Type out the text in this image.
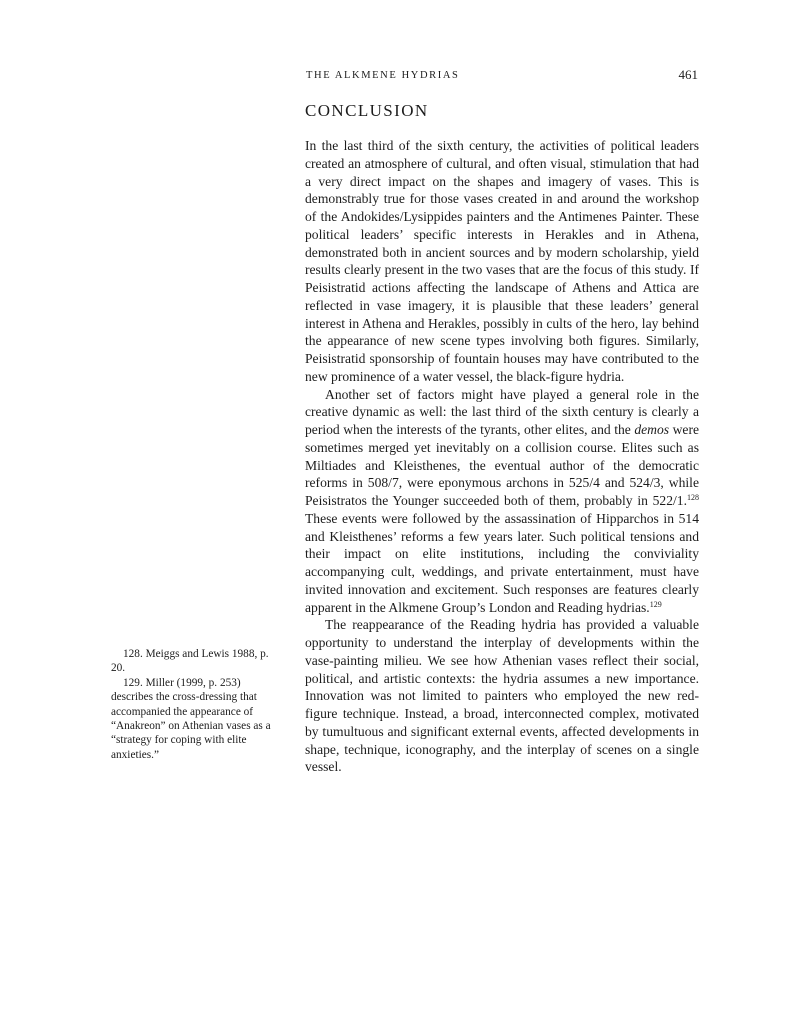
THE ALKMENE HYDRIAS	461
CONCLUSION

In the last third of the sixth century, the activities of political leaders created an atmosphere of cultural, and often visual, stimulation that had a very direct impact on the shapes and imagery of vases. This is demonstrably true for those vases created in and around the workshop of the Andokides/Lysippides painters and the Antimenes Painter. These political leaders’ specific interests in Herakles and in Athena, demonstrated both in ancient sources and by modern scholarship, yield results clearly present in the two vases that are the focus of this study. If Peisistratid actions affecting the landscape of Athens and Attica are reflected in vase imagery, it is plausible that these leaders’ general interest in Athena and Herakles, possibly in cults of the hero, lay behind the appearance of new scene types involving both figures. Similarly, Peisistratid sponsorship of fountain houses may have contributed to the new prominence of a water vessel, the black-figure hydria.

Another set of factors might have played a general role in the creative dynamic as well: the last third of the sixth century is clearly a period when the interests of the tyrants, other elites, and the demos were sometimes merged yet inevitably on a collision course. Elites such as Miltiades and Kleisthenes, the eventual author of the democratic reforms in 508/7, were eponymous archons in 525/4 and 524/3, while Peisistratos the Younger succeeded both of them, probably in 522/1.$^{128}$ These events were followed by the assassination of Hipparchos in 514 and Kleisthenes’ reforms a few years later. Such political tensions and their impact on elite institutions, including the conviviality accompanying cult, weddings, and private entertainment, must have invited innovation and excitement. Such responses are features clearly apparent in the Alkmene Group’s London and Reading hydrias.$^{129}$

The reappearance of the Reading hydria has provided a valuable opportunity to understand the interplay of developments within the vase-painting milieu. We see how Athenian vases reflect their social, political, and artistic contexts: the hydria assumes a new importance. Innovation was not limited to painters who employed the new red-figure technique. Instead, a broad, interconnected complex, motivated by tumultuous and significant external events, affected developments in shape, technique, iconography, and the interplay of scenes on a single vessel.

128. Meiggs and Lewis 1988, p. 20.

129. Miller (1999, p. 253) describes the cross-dressing that accompanied the appearance of “Anakreon” on Athenian vases as a “strategy for coping with elite anxieties.”
